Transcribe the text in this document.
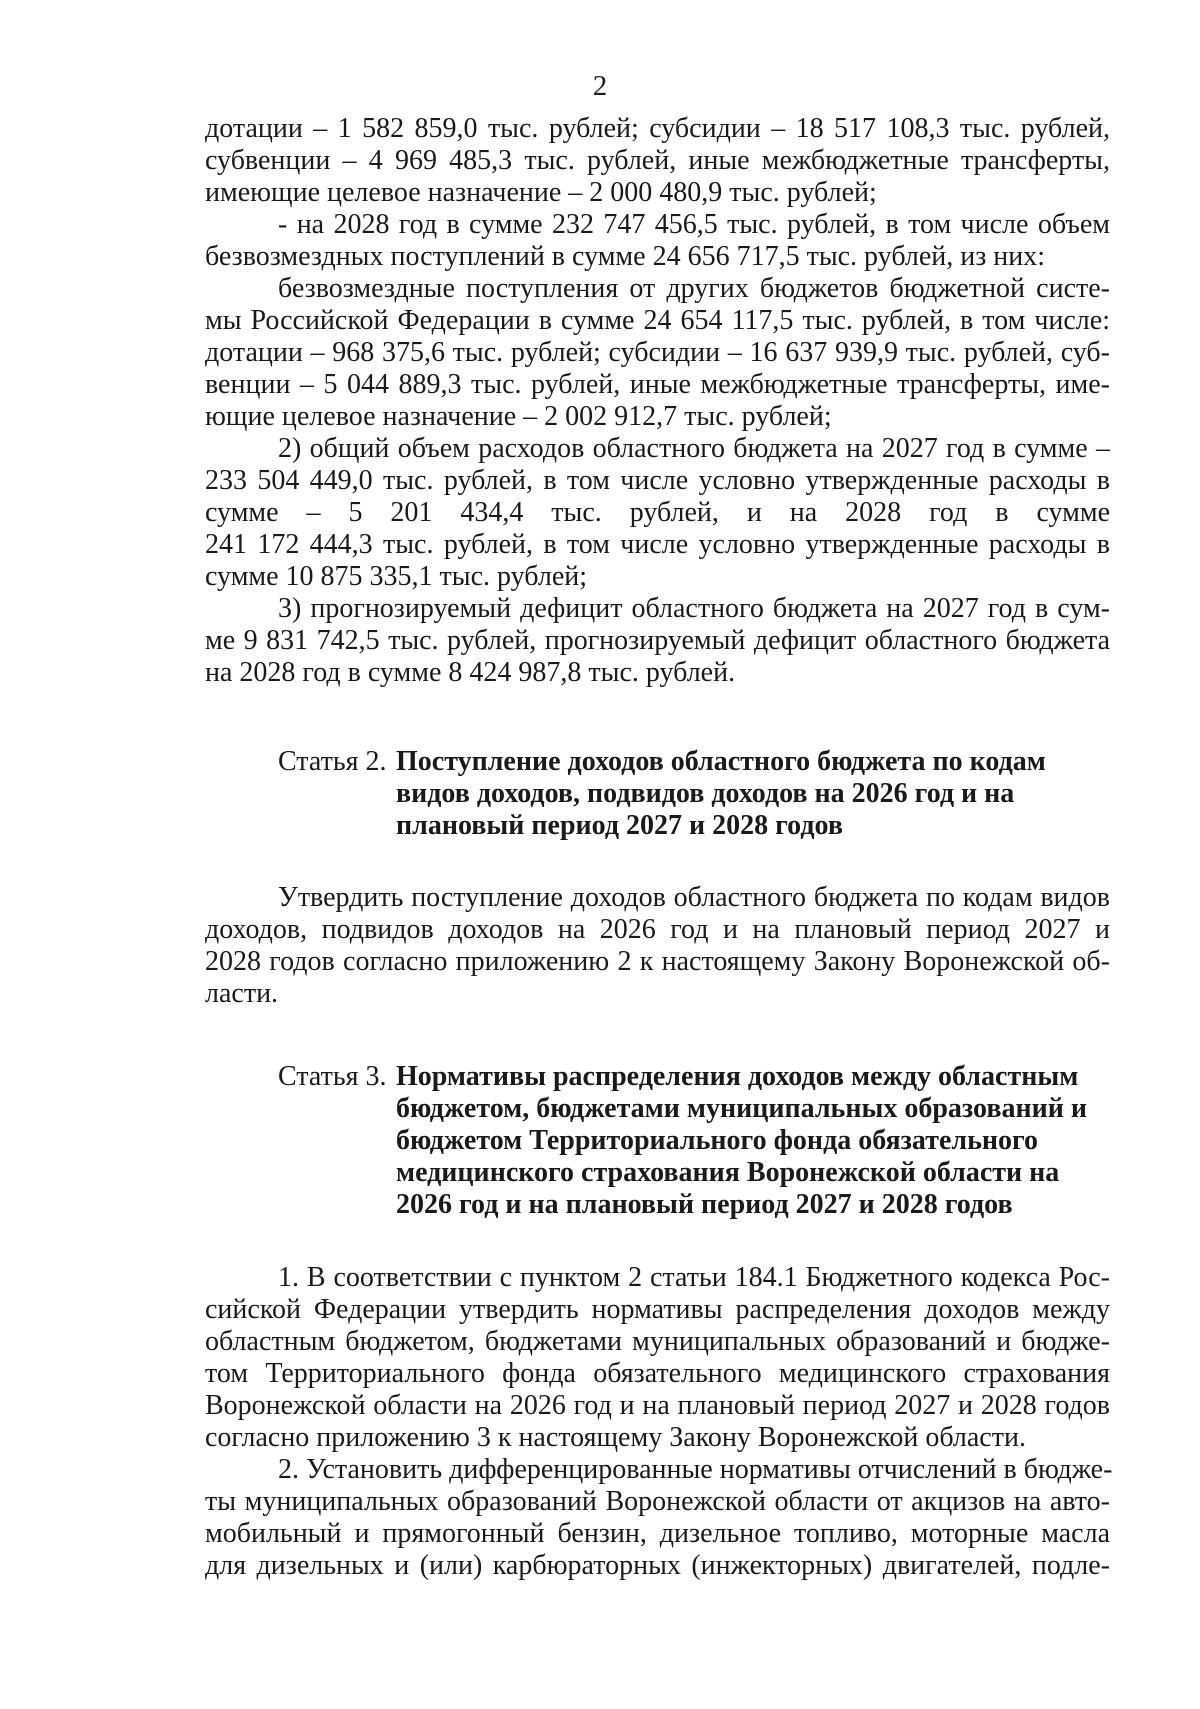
2
дотации – 1 582 859,0 тыс. рублей; субсидии – 18 517 108,3 тыс. рублей,
субвенции – 4 969 485,3 тыс. рублей, иные межбюджетные трансферты,
имеющие целевое назначение – 2 000 480,9 тыс. рублей;
- на 2028 год в сумме 232 747 456,5 тыс. рублей, в том числе объем
безвозмездных поступлений в сумме 24 656 717,5 тыс. рублей, из них:
безвозмездные поступления от других бюджетов бюджетной систе-
мы Российской Федерации в сумме 24 654 117,5 тыс. рублей, в том числе:
дотации – 968 375,6 тыс. рублей; субсидии – 16 637 939,9 тыс. рублей, суб-
венции – 5 044 889,3 тыс. рублей, иные межбюджетные трансферты, име-
ющие целевое назначение – 2 002 912,7 тыс. рублей;
2) общий объем расходов областного бюджета на 2027 год в сумме –
233 504 449,0 тыс. рублей, в том числе условно утвержденные расходы в
сумме – 5 201 434,4 тыс. рублей, и на 2028 год в сумме
241 172 444,3 тыс. рублей, в том числе условно утвержденные расходы в
сумме 10 875 335,1 тыс. рублей;
3) прогнозируемый дефицит областного бюджета на 2027 год в сум-
ме 9 831 742,5 тыс. рублей, прогнозируемый дефицит областного бюджета
на 2028 год в сумме 8 424 987,8 тыс. рублей.
Статья 2. Поступление доходов областного бюджета по кодам
видов доходов, подвидов доходов на 2026 год и на
плановый период 2027 и 2028 годов
Утвердить поступление доходов областного бюджета по кодам видов
доходов, подвидов доходов на 2026 год и на плановый период 2027 и
2028 годов согласно приложению 2 к настоящему Закону Воронежской об-
ласти.
Статья 3. Нормативы распределения доходов между областным
бюджетом, бюджетами муниципальных образований и
бюджетом Территориального фонда обязательного
медицинского страхования Воронежской области на
2026 год и на плановый период 2027 и 2028 годов
1. В соответствии с пунктом 2 статьи 184.1 Бюджетного кодекса Рос-
сийской Федерации утвердить нормативы распределения доходов между
областным бюджетом, бюджетами муниципальных образований и бюдже-
том Территориального фонда обязательного медицинского страхования
Воронежской области на 2026 год и на плановый период 2027 и 2028 годов
согласно приложению 3 к настоящему Закону Воронежской области.
2. Установить дифференцированные нормативы отчислений в бюдже-
ты муниципальных образований Воронежской области от акцизов на авто-
мобильный и прямогонный бензин, дизельное топливо, моторные масла
для дизельных и (или) карбюраторных (инжекторных) двигателей, подле-
